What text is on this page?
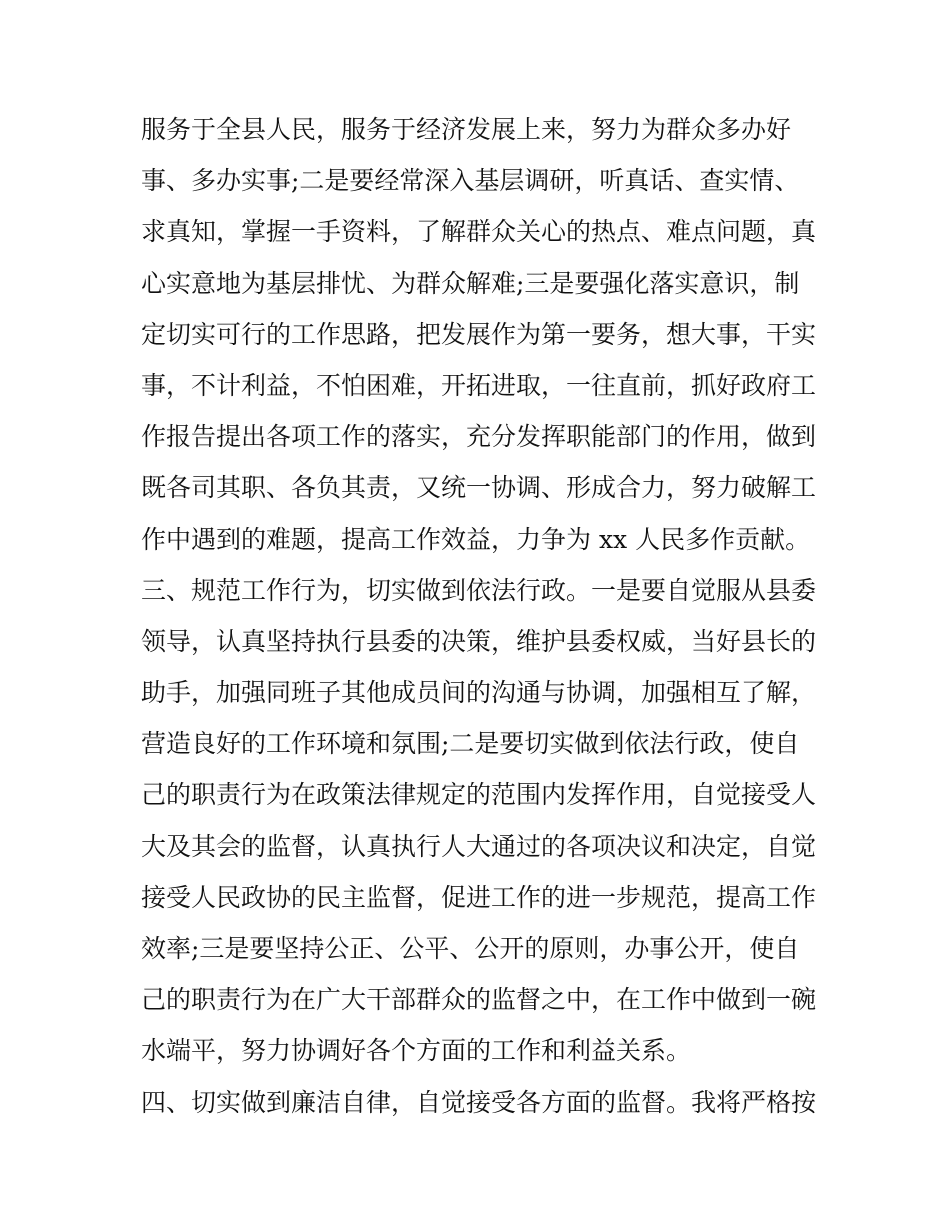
服务于全县人民，服务于经济发展上来，努力为群众多办好
事、多办实事;二是要经常深入基层调研，听真话、查实情、
求真知，掌握一手资料，了解群众关心的热点、难点问题，真
心实意地为基层排忧、为群众解难;三是要强化落实意识，制
定切实可行的工作思路，把发展作为第一要务，想大事，干实
事，不计利益，不怕困难，开拓进取，一往直前，抓好政府工
作报告提出各项工作的落实，充分发挥职能部门的作用，做到
既各司其职、各负其责，又统一协调、形成合力，努力破解工
作中遇到的难题，提高工作效益，力争为 xx 人民多作贡献。
三、规范工作行为，切实做到依法行政。一是要自觉服从县委
领导，认真坚持执行县委的决策，维护县委权威，当好县长的
助手，加强同班子其他成员间的沟通与协调，加强相互了解，
营造良好的工作环境和氛围;二是要切实做到依法行政，使自
己的职责行为在政策法律规定的范围内发挥作用，自觉接受人
大及其会的监督，认真执行人大通过的各项决议和决定，自觉
接受人民政协的民主监督，促进工作的进一步规范，提高工作
效率;三是要坚持公正、公平、公开的原则，办事公开，使自
己的职责行为在广大干部群众的监督之中，在工作中做到一碗
水端平，努力协调好各个方面的工作和利益关系。
四、切实做到廉洁自律，自觉接受各方面的监督。我将严格按
